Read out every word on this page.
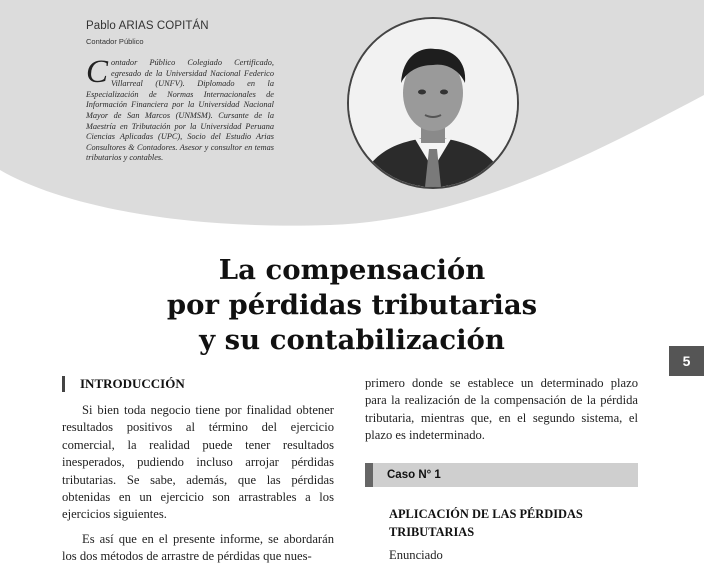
Pablo ARIAS COPITÁN
Contador Público
C ontador Público Colegiado Certificado, egresado de la Universidad Nacional Federico Villarreal (UNFV). Diplomado en la Especialización de Normas Internacionales de Información Financiera por la Universidad Nacional Mayor de San Marcos (UNMSM). Cursante de la Maestría en Tributación por la Universidad Peruana Ciencias Aplicadas (UPC), Socio del Estudio Arias Consultores & Contadores. Asesor y consultor en temas tributarios y contables.
La compensación
por pérdidas tributarias
y su contabilización
5
INTRODUCCIÓN

Si bien toda negocio tiene por finalidad obtener resultados positivos al término del ejercicio comercial, la realidad puede tener resultados inesperados, pudiendo incluso arrojar pérdidas tributarias. Se sabe, además, que las pérdidas obtenidas en un ejercicio son arrastrables a los ejercicios siguientes.

Es así que en el presente informe, se abordarán los dos métodos de arrastre de pérdidas que nues-

primero donde se establece un determinado plazo para la realización de la compensación de la pérdida tributaria, mientras que, en el segundo sistema, el plazo es indeterminado.

Caso N° 1
APLICACIÓN DE LAS PÉRDIDAS TRIBUTARIAS
Enunciado
